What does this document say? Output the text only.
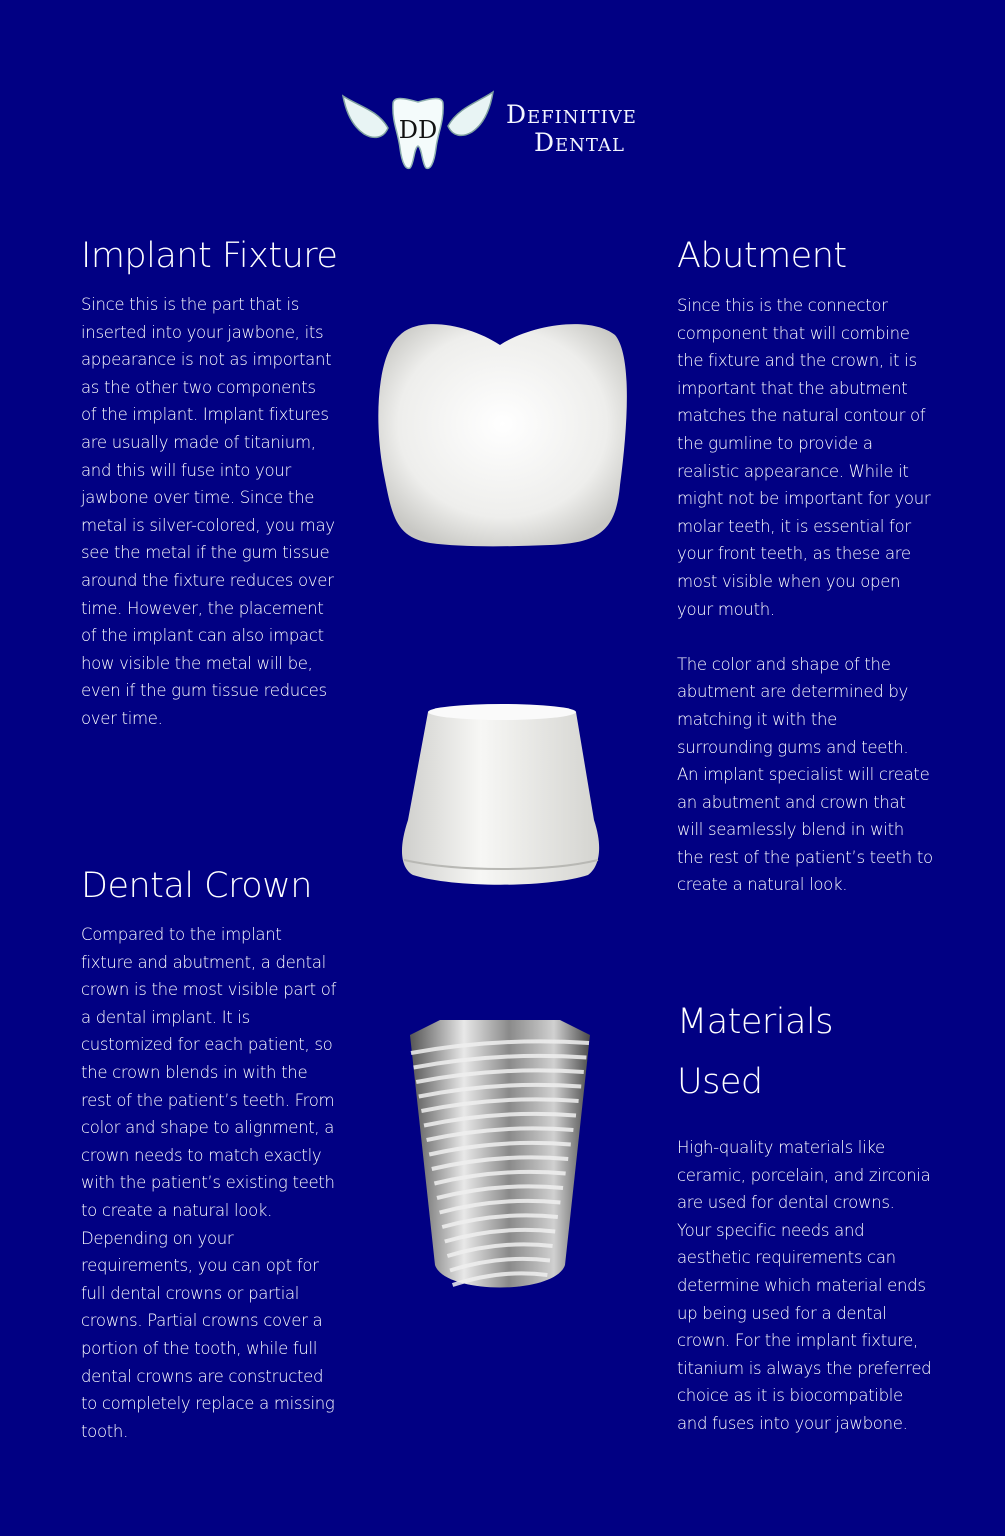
DD
Definitive
Dental
Implant Fixture
Since this is the part that is
inserted into your jawbone, its
appearance is not as important
as the other two components
of the implant. Implant fixtures
are usually made of titanium,
and this will fuse into your
jawbone over time. Since the
metal is silver-colored, you may
see the metal if the gum tissue
around the fixture reduces over
time. However, the placement
of the implant can also impact
how visible the metal will be,
even if the gum tissue reduces
over time.
Dental Crown
Compared to the implant
fixture and abutment, a dental
crown is the most visible part of
a dental implant. It is
customized for each patient, so
the crown blends in with the
rest of the patient’s teeth. From
color and shape to alignment, a
crown needs to match exactly
with the patient’s existing teeth
to create a natural look.
Depending on your
requirements, you can opt for
full dental crowns or partial
crowns. Partial crowns cover a
portion of the tooth, while full
dental crowns are constructed
to completely replace a missing
tooth.
Abutment
Since this is the connector
component that will combine
the fixture and the crown, it is
important that the abutment
matches the natural contour of
the gumline to provide a
realistic appearance. While it
might not be important for your
molar teeth, it is essential for
your front teeth, as these are
most visible when you open
your mouth.

The color and shape of the
abutment are determined by
matching it with the
surrounding gums and teeth.
An implant specialist will create
an abutment and crown that
will seamlessly blend in with
the rest of the patient’s teeth to
create a natural look.
Materials
Used
High-quality materials like
ceramic, porcelain, and zirconia
are used for dental crowns.
Your specific needs and
aesthetic requirements can
determine which material ends
up being used for a dental
crown. For the implant fixture,
titanium is always the preferred
choice as it is biocompatible
and fuses into your jawbone.
